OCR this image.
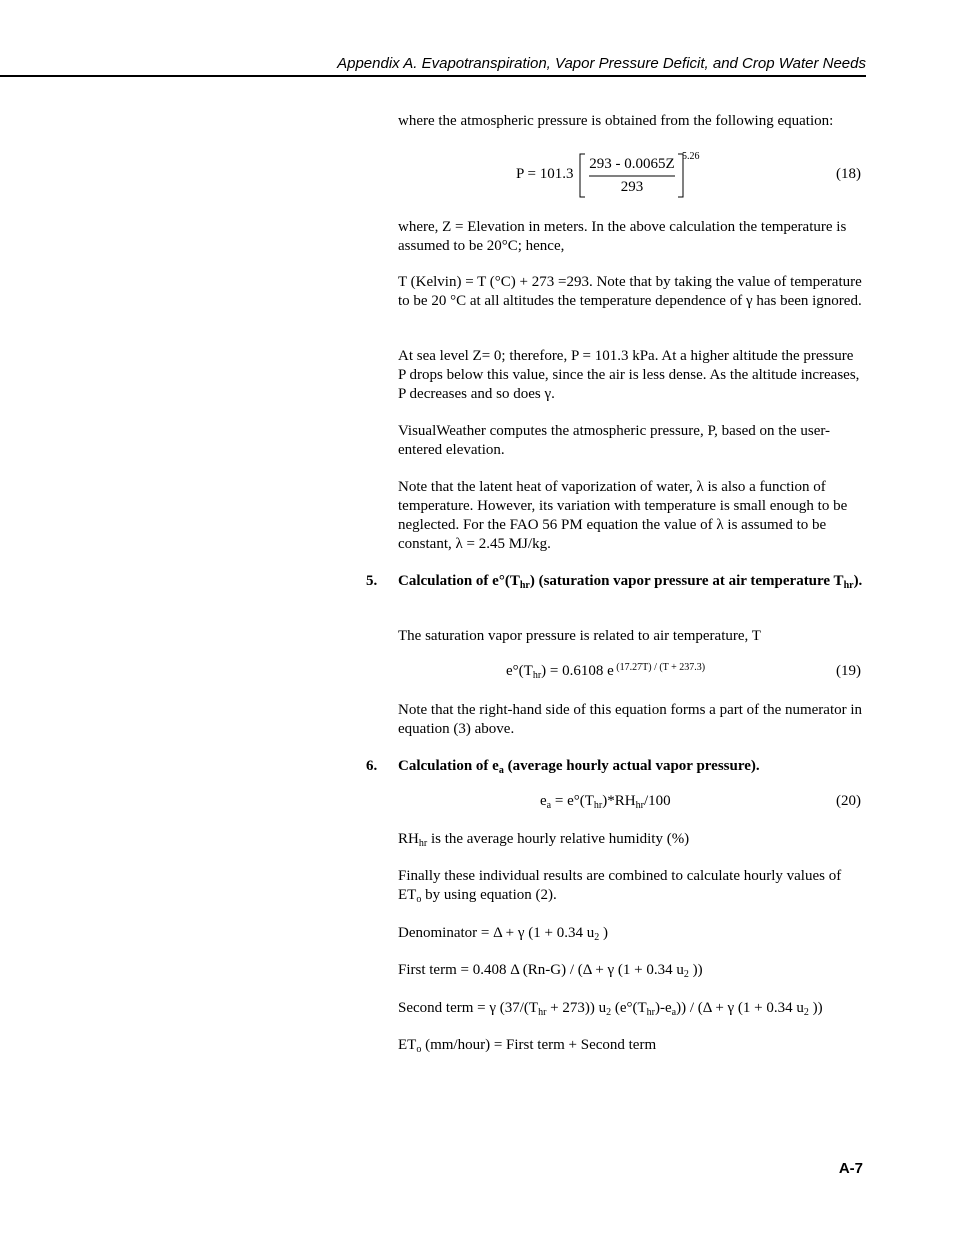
Appendix A. Evapotranspiration, Vapor Pressure Deficit, and Crop Water Needs
where the atmospheric pressure is obtained from the following equation:
P = 101.3
293 - 0.0065Z
293
5.26
(18)
where, Z = Elevation in meters. In the above calculation the temperature is assumed to be 20°C; hence,
T (Kelvin) = T (°C) + 273 =293. Note that by taking the value of temperature to be 20 °C at all altitudes the temperature dependence of γ has been ignored.
At sea level Z= 0; therefore, P = 101.3 kPa. At a higher altitude the pressure P drops below this value, since the air is less dense. As the altitude increases, P decreases and so does γ.
VisualWeather computes the atmospheric pressure, P, based on the user-entered elevation.
Note that the latent heat of vaporization of water, λ is also a function of temperature. However, its variation with temperature is small enough to be neglected. For the FAO 56 PM equation the value of λ is assumed to be constant, λ = 2.45 MJ/kg.
5. Calculation of $e^\circ(T_{hr})$ (saturation vapor pressure at air temperature $T_{hr}$).
The saturation vapor pressure is related to air temperature, T
$e^\circ(T_{hr}) = 0.6108$ e $^{(17.27T) / (T + 237.3)}$	(19)
Note that the right-hand side of this equation forms a part of the numerator in equation (3) above.
6. Calculation of $e_a$ (average hourly actual vapor pressure).
$e_a = e^\circ(T_{hr})*RH_{hr}/100$	(20)
$RH_{hr}$ is the average hourly relative humidity (%)
Finally these individual results are combined to calculate hourly values of $ET_o$ by using equation (2).
Denominator = Δ + γ (1 + 0.34 $u_2$ )
First term = 0.408 Δ (Rn-G) / (Δ + γ (1 + 0.34 $u_2$ ))
Second term = γ $(37/(T_{hr} + 273))$ $u_2$ $(e^\circ(T_{hr})-e_a)) / (\Delta + \gamma$ (1 + 0.34 $u_2$ ))
$ET_o$ (mm/hour) = First term + Second term
A-7
